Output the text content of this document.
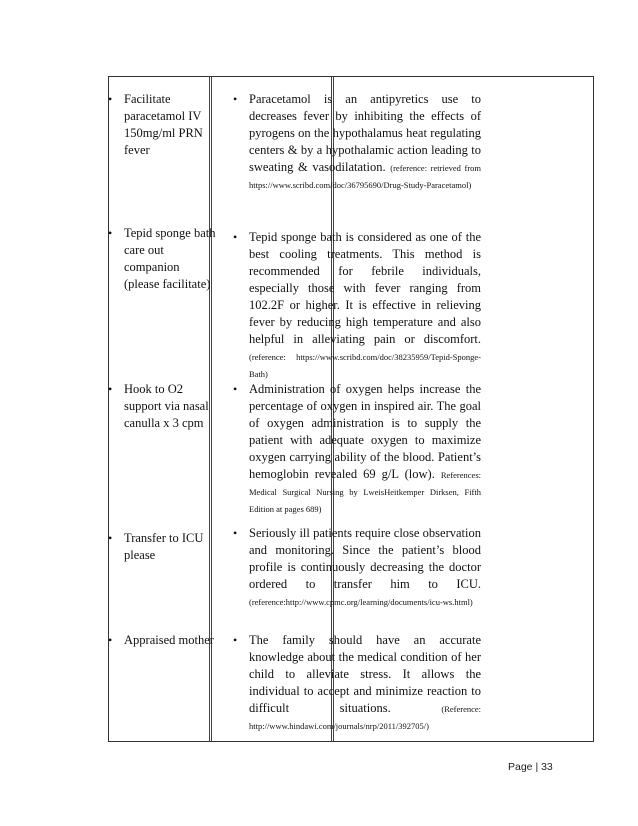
• Facilitate paracetamol IV 150mg/ml PRN fever
• Paracetamol is an antipyretics use to decreases fever by inhibiting the effects of pyrogens on the hypothalamus heat regulating centers & by a hypothalamic action leading to sweating & vasodilatation. (reference: retrieved from https://www.scribd.com/doc/36795690/Drug-Study-Paracetamol)
• Tepid sponge bath care out companion (please facilitate)
• Tepid sponge bath is considered as one of the best cooling treatments. This method is recommended for febrile individuals, especially those with fever ranging from 102.2F or higher. It is effective in relieving fever by reducing high temperature and also helpful in alleviating pain or discomfort. (reference: https://www.scribd.com/doc/38235959/Tepid-Sponge-Bath)
• Hook to O2 support via nasal canulla x 3 cpm
• Administration of oxygen helps increase the percentage of oxygen in inspired air. The goal of oxygen administration is to supply the patient with adequate oxygen to maximize oxygen carrying ability of the blood. Patient’s hemoglobin revealed 69 g/L (low). References: Medical Surgical Nursing by LweisHeitkemper Dirksen, Fifth Edition at pages 689)
• Transfer to ICU please
• Seriously ill patients require close observation and monitoring. Since the patient’s blood profile is continuously decreasing the doctor ordered to transfer him to ICU. (reference:http://www.cpmc.org/learning/documents/icu-ws.html)
• Appraised mother	• The family should have an accurate knowledge about the medical condition of her child to alleviate stress. It allows the individual to accept and minimize reaction to difficult situations.	(Reference: http://www.hindawi.com/journals/nrp/2011/392705/)
Page | 33
